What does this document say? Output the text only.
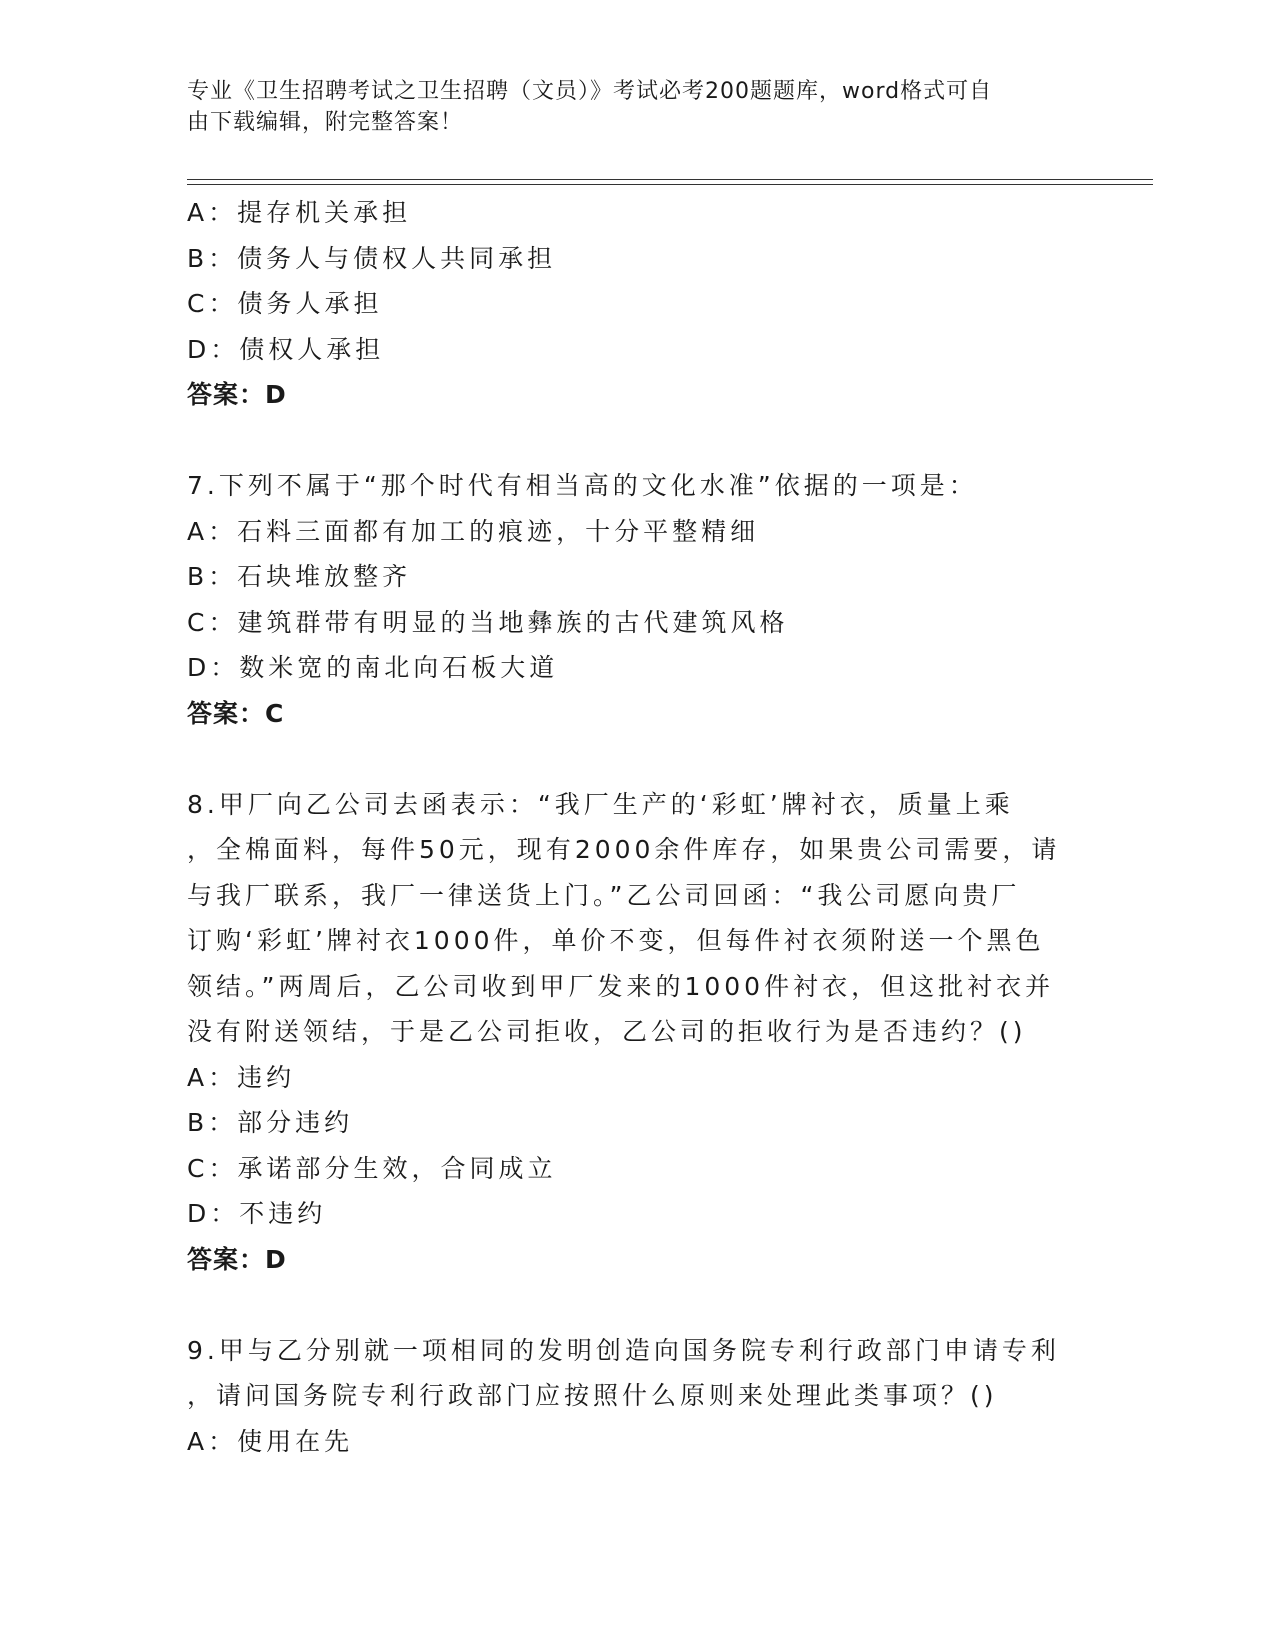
专业《卫生招聘考试之卫生招聘（文员）》考试必考200题题库，word格式可自
由下载编辑，附完整答案！
A：提存机关承担
B：债务人与债权人共同承担
C：债务人承担
D：债权人承担
答案：D
7.下列不属于“那个时代有相当高的文化水准”依据的一项是：
A：石料三面都有加工的痕迹，十分平整精细
B：石块堆放整齐
C：建筑群带有明显的当地彝族的古代建筑风格
D：数米宽的南北向石板大道
答案：C
8.甲厂向乙公司去函表示：“我厂生产的‘彩虹’牌衬衣，质量上乘
，全棉面料，每件50元，现有2000余件库存，如果贵公司需要，请
与我厂联系，我厂一律送货上门。”乙公司回函：“我公司愿向贵厂
订购‘彩虹’牌衬衣1000件，单价不变，但每件衬衣须附送一个黑色
领结。”两周后，乙公司收到甲厂发来的1000件衬衣，但这批衬衣并
没有附送领结，于是乙公司拒收，乙公司的拒收行为是否违约？()
A：违约
B：部分违约
C：承诺部分生效，合同成立
D：不违约
答案：D
9.甲与乙分别就一项相同的发明创造向国务院专利行政部门申请专利
，请问国务院专利行政部门应按照什么原则来处理此类事项？()
A：使用在先
